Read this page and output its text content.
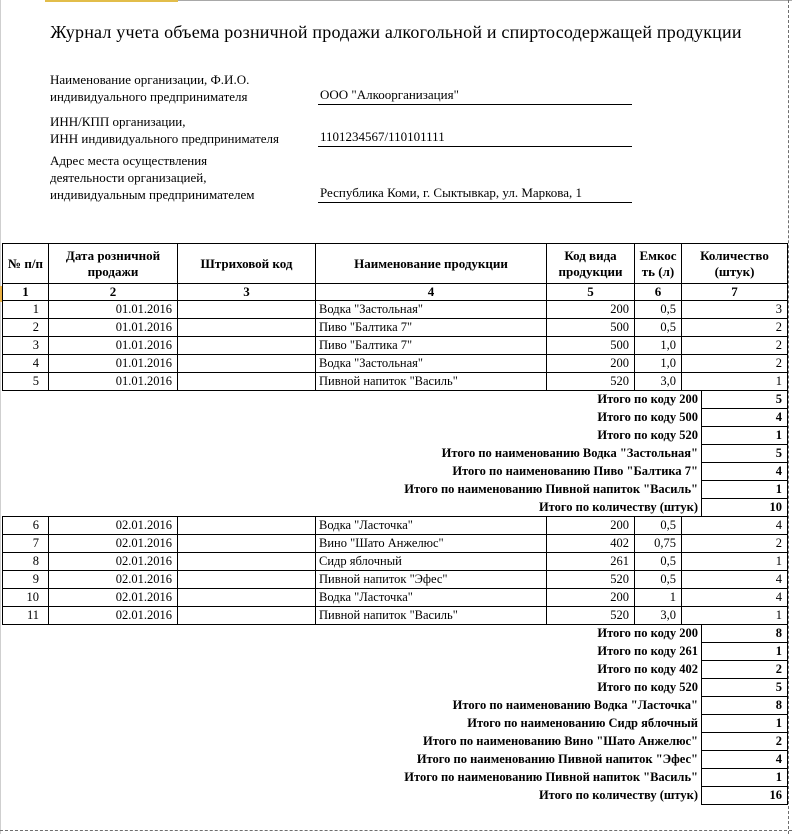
Журнал учета объема розничной продажи алкогольной и спиртосодержащей продукции
Наименование организации, Ф.И.О.
индивидуального предпринимателя	ООО "Алкоорганизация"
ИНН/КПП организации,
ИНН индивидуального предпринимателя	1101234567/110101111
Адрес места осуществления
деятельности организацией,
индивидуальным предпринимателем	Республика Коми, г. Сыктывкар, ул. Маркова, 1
№ п/п	Дата розничной продажи	Штриховой код	Наименование продукции	Код вида продукции	Емкость (л)	Количество (штук)	
1	2	3	4	5	6	7	
1	01.01.2016		Водка "Застольная"	200	0,5	3	
2	01.01.2016		Пиво "Балтика 7"	500	0,5	2	
3	01.01.2016		Пиво "Балтика 7"	500	1,0	2	
4	01.01.2016		Водка "Застольная"	200	1,0	2	
5	01.01.2016		Пивной напиток "Василь"	520	3,0	1	
Итого по коду 200							5
Итого по коду 500							4
Итого по коду 520							1
Итого по наименованию Водка "Застольная"							5
Итого по наименованию Пиво "Балтика 7"							4
Итого по наименованию Пивной напиток "Василь"							1
Итого по количеству (штук)							10
6	02.01.2016		Водка "Ласточка"	200	0,5	4	
7	02.01.2016		Вино "Шато Анжелюс"	402	0,75	2	
8	02.01.2016		Сидр яблочный	261	0,5	1	
9	02.01.2016		Пивной напиток "Эфес"	520	0,5	4	
10	02.01.2016		Водка "Ласточка"	200	1	4	
11	02.01.2016		Пивной напиток "Василь"	520	3,0	1	
Итого по коду 200							8
Итого по коду 261							1
Итого по коду 402							2
Итого по коду 520							5
Итого по наименованию Водка "Ласточка"							8
Итого по наименованию Сидр яблочный							1
Итого по наименованию Вино "Шато Анжелюс"							2
Итого по наименованию Пивной напиток "Эфес"							4
Итого по наименованию Пивной напиток "Василь"							1
Итого по количеству (штук)							16
